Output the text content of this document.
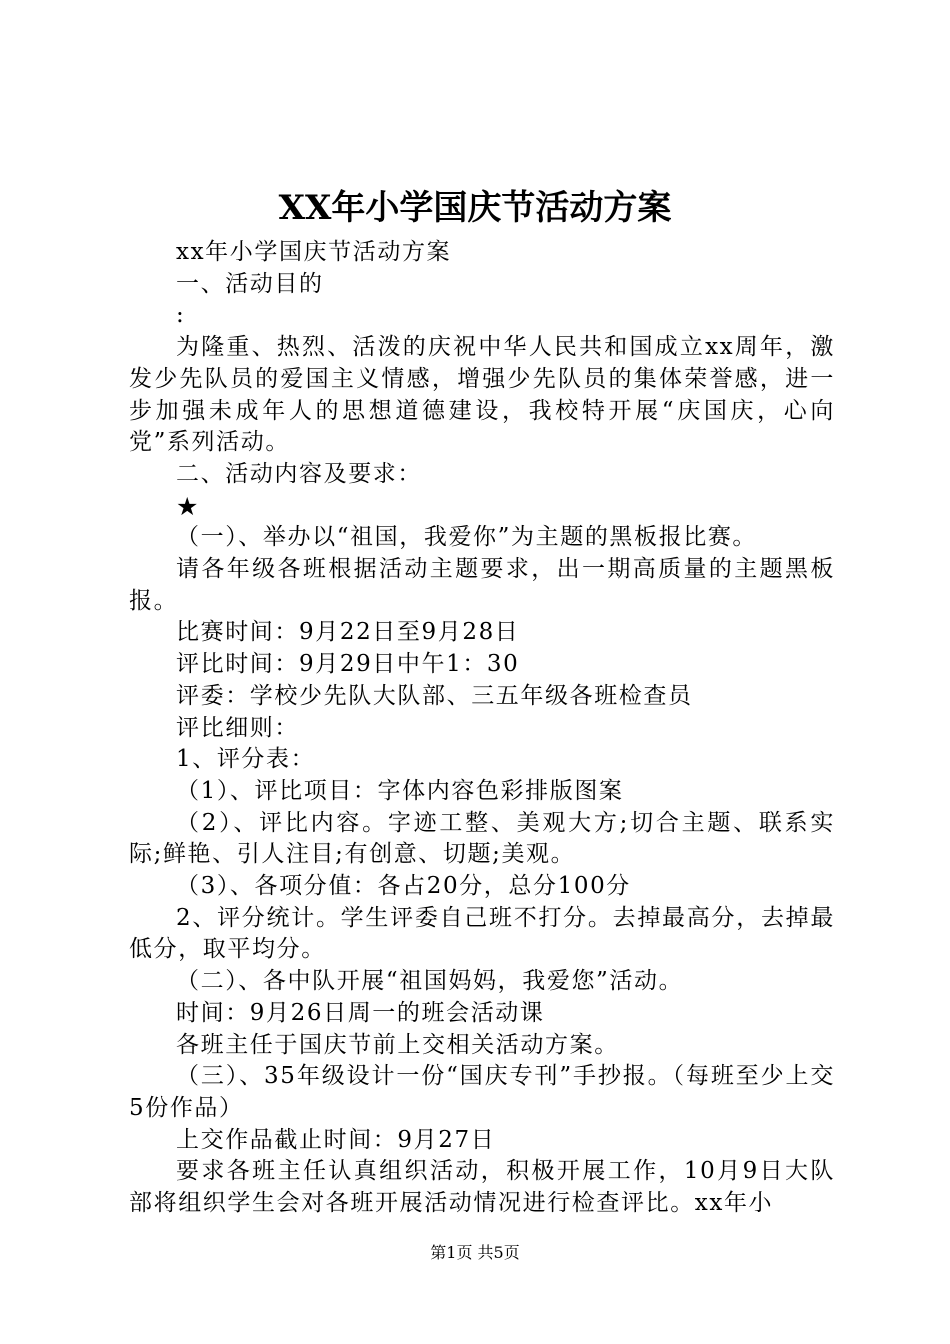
XX年小学国庆节活动方案

xx年小学国庆节活动方案

一、活动目的

:

为隆重、热烈、活泼的庆祝中华人民共和国成立xx周年，激发少先队员的爱国主义情感，增强少先队员的集体荣誉感，进一步加强未成年人的思想道德建设，我校特开展“庆国庆，心向党”系列活动。

二、活动内容及要求：

★

（一）、举办以“祖国，我爱你”为主题的黑板报比赛。

请各年级各班根据活动主题要求，出一期高质量的主题黑板报。

比赛时间：9月22日至9月28日

评比时间：9月29日中午1：30

评委：学校少先队大队部、三五年级各班检查员

评比细则：

1、评分表：

（1）、评比项目：字体内容色彩排版图案

（2）、评比内容。字迹工整、美观大方;切合主题、联系实际;鲜艳、引人注目;有创意、切题;美观。

（3）、各项分值：各占20分，总分100分

2、评分统计。学生评委自己班不打分。去掉最高分，去掉最低分，取平均分。

（二）、各中队开展“祖国妈妈，我爱您”活动。

时间：9月26日周一的班会活动课

各班主任于国庆节前上交相关活动方案。

（三）、35年级设计一份“国庆专刊”手抄报。（每班至少上交5份作品）

上交作品截止时间：9月27日

要求各班主任认真组织活动，积极开展工作，10月9日大队部将组织学生会对各班开展活动情况进行检查评比。xx年小

第1页 共5页
